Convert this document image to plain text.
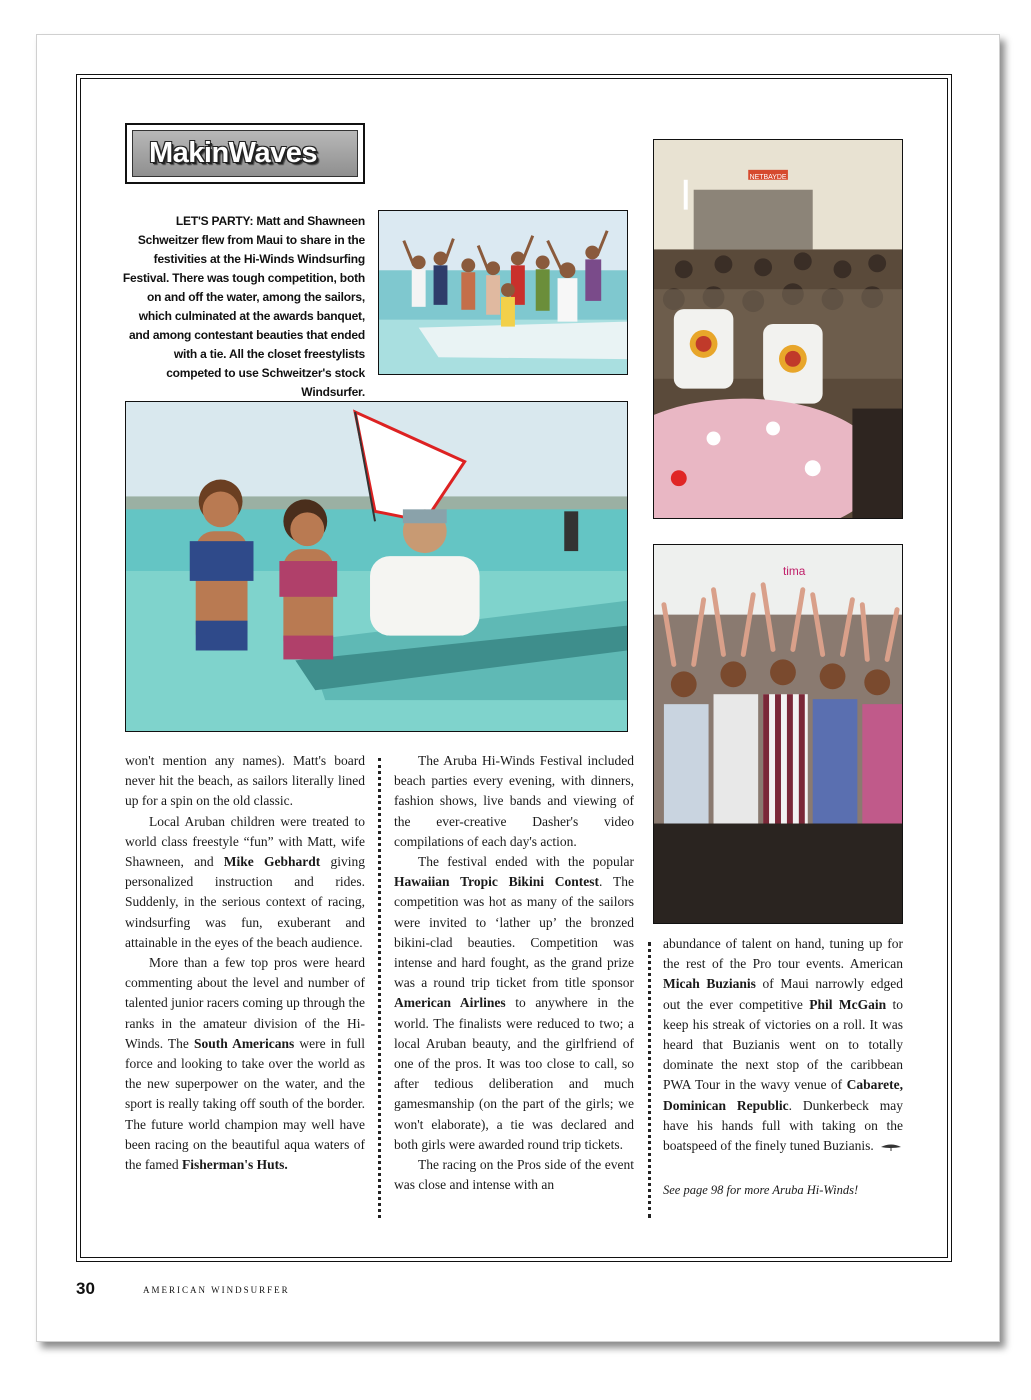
MakinWaves
LET'S PARTY: Matt and Shawneen Schweitzer flew from Maui to share in the festivities at the Hi-Winds Windsurfing Festival. There was tough competition, both on and off the water, among the sailors, which culminated at the awards banquet, and among contestant beauties that ended with a tie. All the closet freestylists competed to use Schweitzer's stock Windsurfer.
NETBAYDE
tima

won't mention any names). Matt's board never hit the beach, as sailors literally lined up for a spin on the old classic.

Local Aruban children were treated to world class freestyle “fun” with Matt, wife Shawneen, and Mike Gebhardt giving personalized instruction and rides. Suddenly, in the serious context of racing, windsurfing was fun, exuberant and attainable in the eyes of the beach audience.

More than a few top pros were heard commenting about the level and number of talented junior racers coming up through the ranks in the amateur division of the Hi-Winds. The South Americans were in full force and looking to take over the world as the new superpower on the water, and the sport is really taking off south of the border. The future world champion may well have been racing on the beautiful aqua waters of the famed Fisherman's Huts.

The Aruba Hi-Winds Festival included beach parties every evening, with dinners, fashion shows, live bands and viewing of the ever-creative Dasher's video compilations of each day's action.

The festival ended with the popular Hawaiian Tropic Bikini Contest. The competition was hot as many of the sailors were invited to ‘lather up’ the bronzed bikini-clad beauties. Competition was intense and hard fought, as the grand prize was a round trip ticket from title sponsor American Airlines to anywhere in the world. The finalists were reduced to two; a local Aruban beauty, and the girlfriend of one of the pros. It was too close to call, so after tedious deliberation and much gamesmanship (on the part of the girls; we won't elaborate), a tie was declared and both girls were awarded round trip tickets.

The racing on the Pros side of the event was close and intense with an

abundance of talent on hand, tuning up for the rest of the Pro tour events. American Micah Buzianis of Maui narrowly edged out the ever competitive Phil McGain to keep his streak of victories on a roll. It was heard that Buzianis went on to totally dominate the next stop of the caribbean PWA Tour in the wavy venue of Cabarete, Dominican Republic. Dunkerbeck may have his hands full with taking on the boatspeed of the finely tuned Buzianis.

See page 98 for more Aruba Hi-Winds!

30	AMERICAN WINDSURFER
